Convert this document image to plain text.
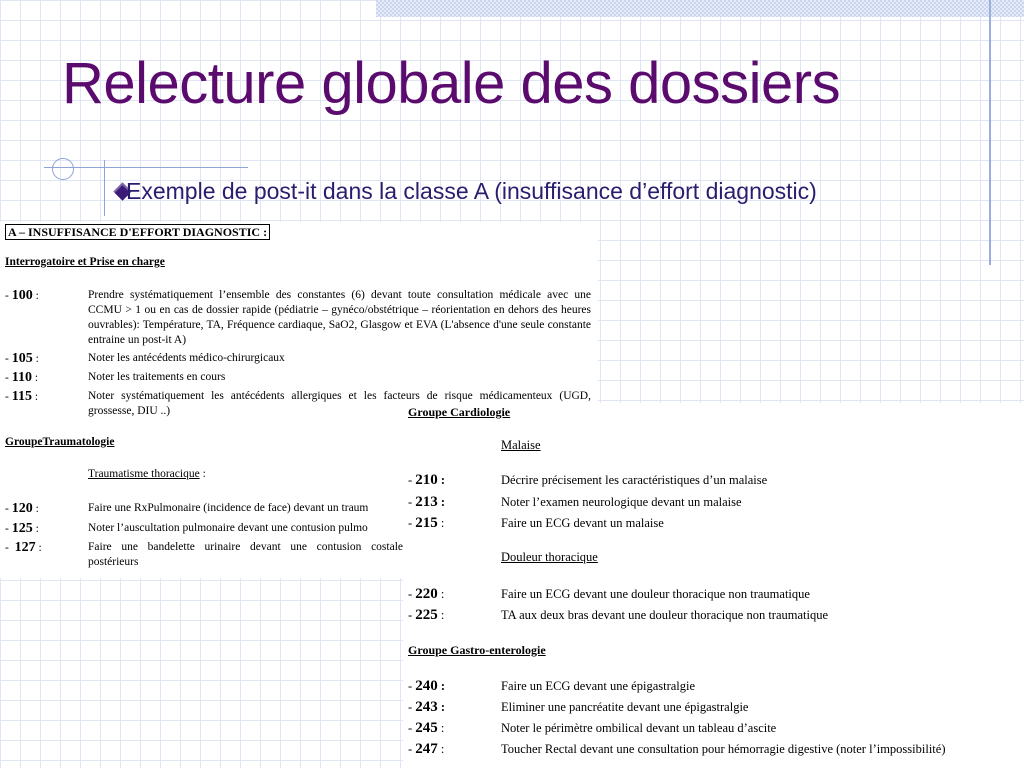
Relecture globale des dossiers
Exemple de post-it dans la classe A (insuffisance d’effort diagnostic)
A – INSUFFISANCE D'EFFORT DIAGNOSTIC :
Interrogatoire et Prise en charge
- 100 :	Prendre systématiquement l’ensemble des constantes (6) devant toute consultation médicale avec une CCMU > 1 ou en cas de dossier rapide (pédiatrie – gynéco/obstétrique – réorientation en dehors des heures ouvrables): Température, TA, Fréquence cardiaque, SaO2, Glasgow et EVA (L'absence d'une seule constante entraine un post-it A)
- 105 :	Noter les antécédents médico-chirurgicaux
- 110 :	Noter les traitements en cours
- 115 :	Noter systématiquement les antécédents allergiques et les facteurs de risque médicamenteux (UGD, grossesse, DIU ..)
GroupeTraumatologie
Traumatisme thoracique :
- 120 :	Faire une RxPulmonaire (incidence de face) devant un traum
- 125 :	Noter l’auscultation pulmonaire devant une contusion pulmo
-  127 :	Faire une bandelette urinaire devant une contusion costale postérieurs
Groupe Cardiologie
Malaise
- 210 :	Décrire précisement les caractéristiques d’un malaise
- 213 :	Noter l’examen neurologique devant un malaise
- 215 :	Faire un ECG devant un malaise
Douleur thoracique
- 220 :	Faire un ECG devant une douleur thoracique non traumatique
- 225 :	TA aux deux bras devant une douleur thoracique non traumatique
Groupe Gastro-enterologie
- 240 :	Faire un ECG devant une épigastralgie
- 243 :	Eliminer une pancréatite devant une épigastralgie
- 245 :	Noter le périmètre ombilical devant un tableau d’ascite
- 247 :	Toucher Rectal devant une consultation pour hémorragie digestive (noter l’impossibilité)
